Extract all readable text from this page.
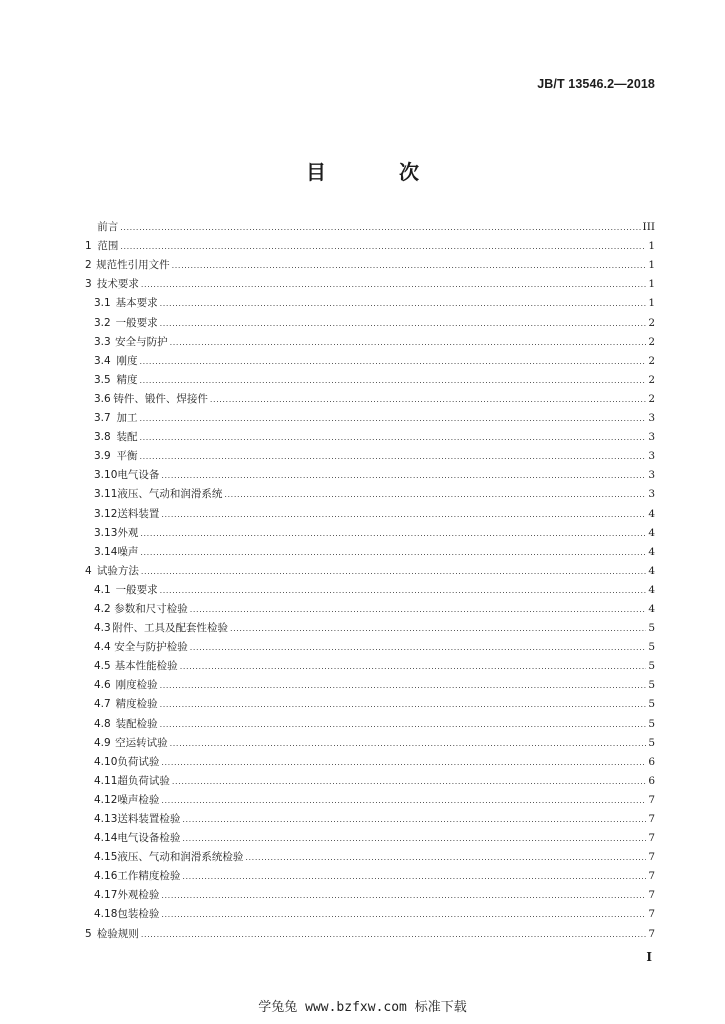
JB/T 13546.2—2018
目 次
前言 .....	III
1 范围 .....	1
2 规范性引用文件 .....	1
3 技术要求 .....	1
3.1 基本要求 .....	1
3.2 一般要求 .....	2
3.3 安全与防护 .....	2
3.4 刚度 .....	2
3.5 精度 .....	2
3.6 铸件、锻件、焊接件 .....	2
3.7 加工 .....	3
3.8 装配 .....	3
3.9 平衡 .....	3
3.10 电气设备 .....	3
3.11 液压、气动和润滑系统 .....	3
3.12 送料装置 .....	4
3.13 外观 .....	4
3.14 噪声 .....	4
4 试验方法 .....	4
4.1 一般要求 .....	4
4.2 参数和尺寸检验 .....	4
4.3 附件、工具及配套性检验 .....	5
4.4 安全与防护检验 .....	5
4.5 基本性能检验 .....	5
4.6 刚度检验 .....	5
4.7 精度检验 .....	5
4.8 装配检验 .....	5
4.9 空运转试验 .....	5
4.10 负荷试验 .....	6
4.11 超负荷试验 .....	6
4.12 噪声检验 .....	7
4.13 送料装置检验 .....	7
4.14 电气设备检验 .....	7
4.15 液压、气动和润滑系统检验 .....	7
4.16 工作精度检验 .....	7
4.17 外观检验 .....	7
4.18 包装检验 .....	7
5 检验规则 .....	7
I
学兔兔 www.bzfxw.com 标准下载
